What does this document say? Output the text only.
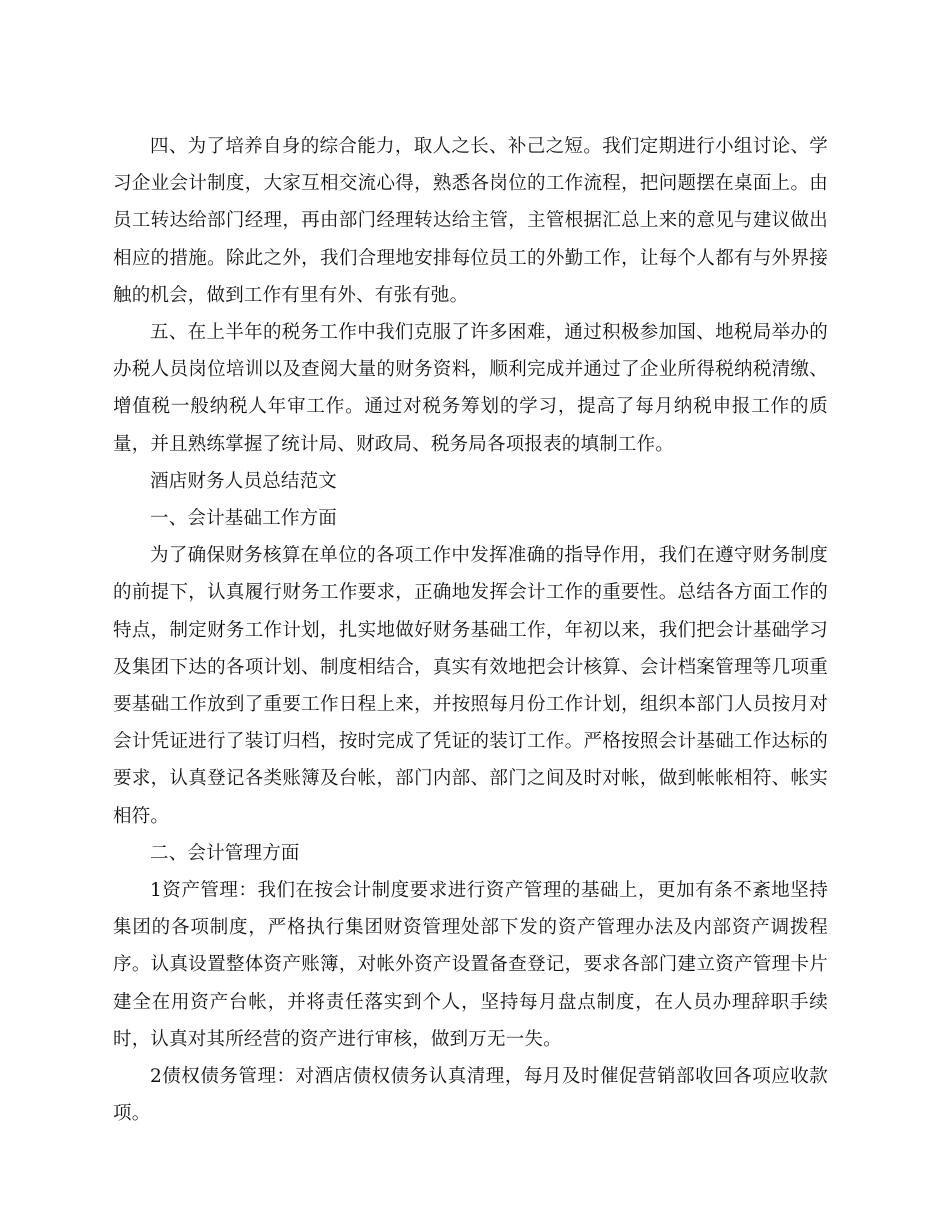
四、为了培养自身的综合能力，取人之长、补己之短。我们定期进行小组讨论、学习企业会计制度，大家互相交流心得，熟悉各岗位的工作流程，把问题摆在桌面上。由员工转达给部门经理，再由部门经理转达给主管，主管根据汇总上来的意见与建议做出相应的措施。除此之外，我们合理地安排每位员工的外勤工作，让每个人都有与外界接触的机会，做到工作有里有外、有张有弛。

五、在上半年的税务工作中我们克服了许多困难，通过积极参加国、地税局举办的办税人员岗位培训以及查阅大量的财务资料，顺利完成并通过了企业所得税纳税清缴、增值税一般纳税人年审工作。通过对税务筹划的学习，提高了每月纳税申报工作的质量，并且熟练掌握了统计局、财政局、税务局各项报表的填制工作。

酒店财务人员总结范文

一、会计基础工作方面

为了确保财务核算在单位的各项工作中发挥准确的指导作用，我们在遵守财务制度的前提下，认真履行财务工作要求，正确地发挥会计工作的重要性。总结各方面工作的特点，制定财务工作计划，扎实地做好财务基础工作，年初以来，我们把会计基础学习及集团下达的各项计划、制度相结合，真实有效地把会计核算、会计档案管理等几项重要基础工作放到了重要工作日程上来，并按照每月份工作计划，组织本部门人员按月对会计凭证进行了装订归档，按时完成了凭证的装订工作。严格按照会计基础工作达标的要求，认真登记各类账簿及台帐，部门内部、部门之间及时对帐，做到帐帐相符、帐实相符。

二、会计管理方面

1资产管理：我们在按会计制度要求进行资产管理的基础上，更加有条不紊地坚持集团的各项制度，严格执行集团财资管理处部下发的资产管理办法及内部资产调拨程序。认真设置整体资产账簿，对帐外资产设置备查登记，要求各部门建立资产管理卡片建全在用资产台帐，并将责任落实到个人，坚持每月盘点制度，在人员办理辞职手续时，认真对其所经营的资产进行审核，做到万无一失。

2债权债务管理：对酒店债权债务认真清理，每月及时催促营销部收回各项应收款项。
